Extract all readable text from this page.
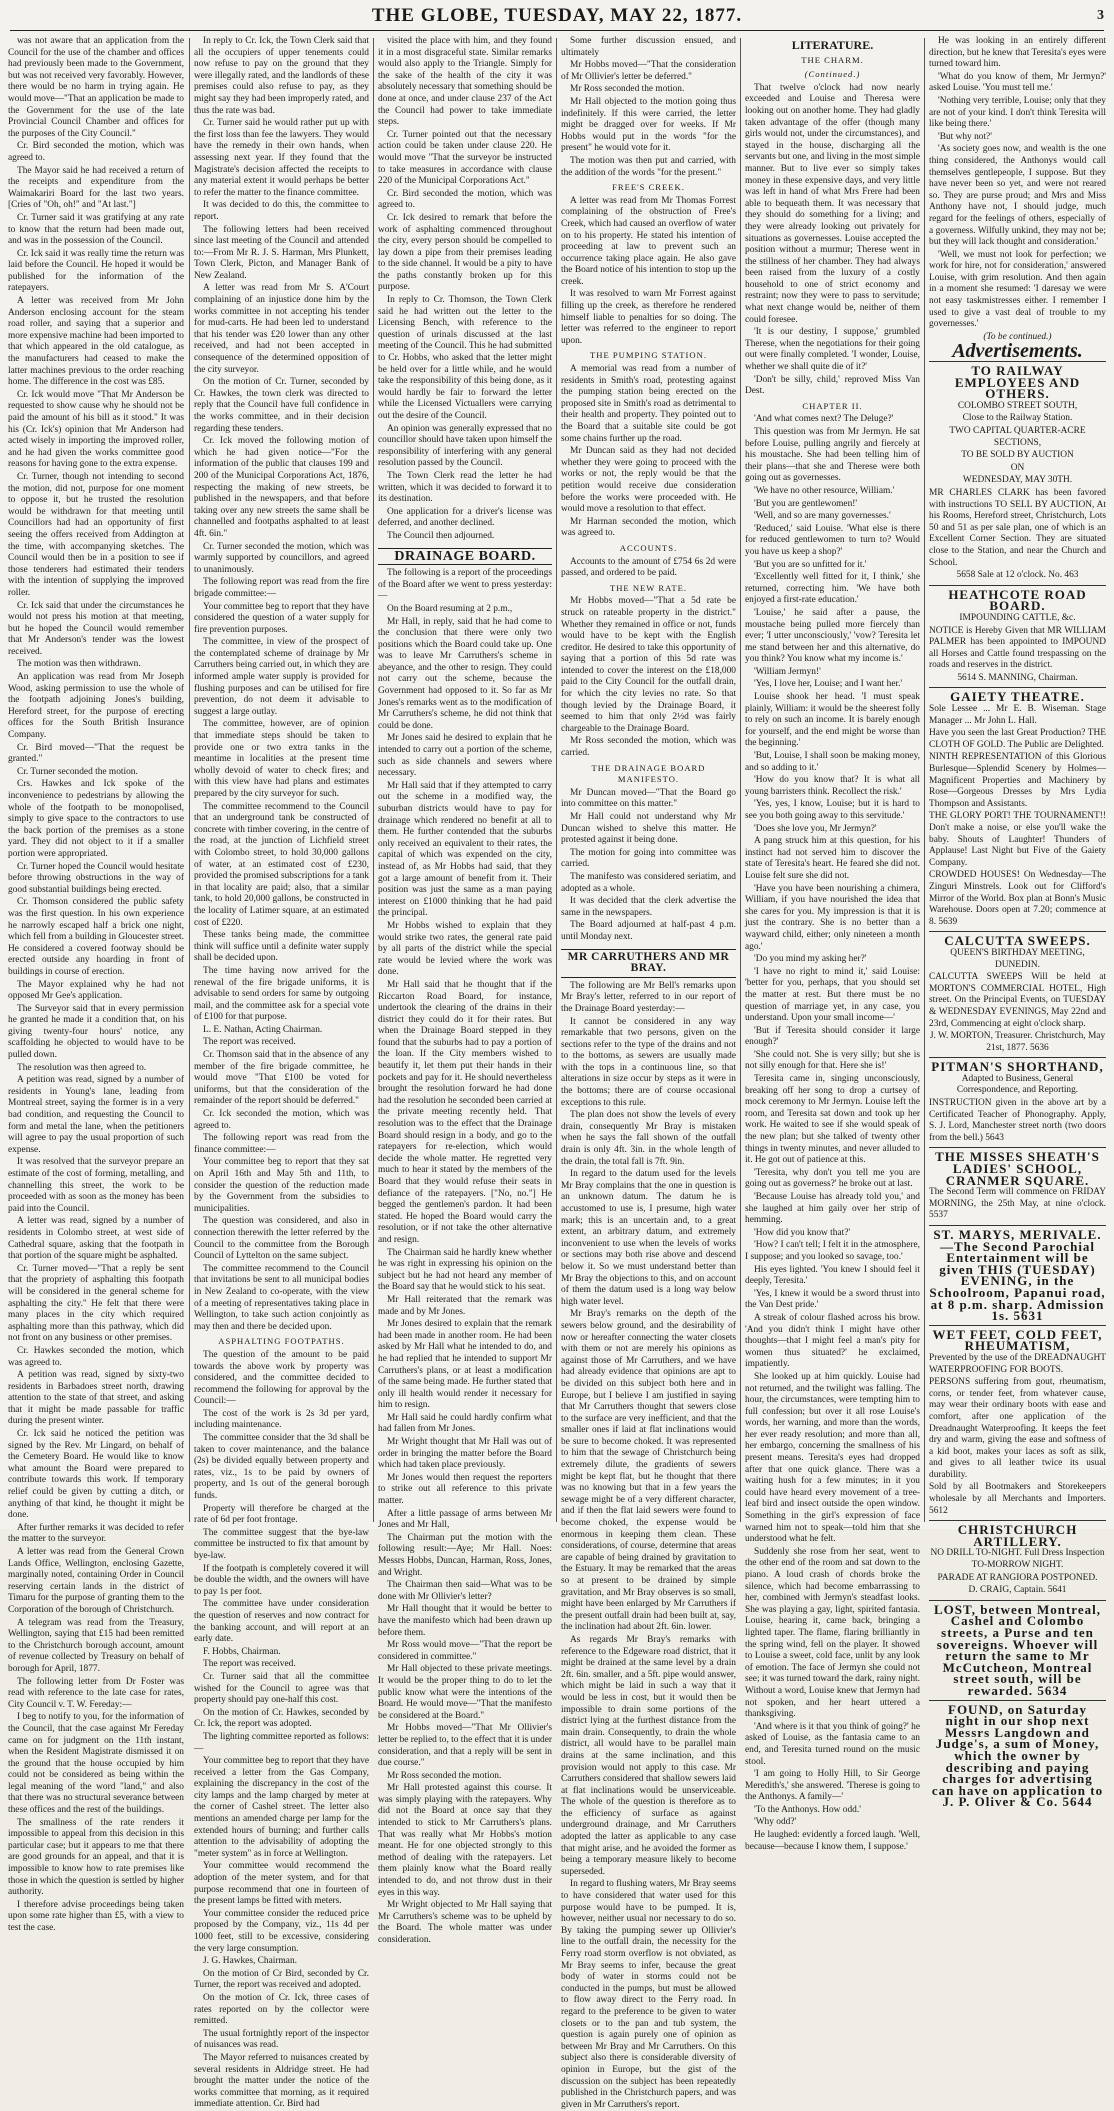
THE GLOBE, TUESDAY, MAY 22, 1877.	3

was not aware that an application from the Council for the use of the chamber and offices had previously been made to the Government, but was not received very favorably. However, there would be no harm in trying again. He would move—"That an application be made to the Government for the use of the late Provincial Council Chamber and offices for the purposes of the City Council."

Cr. Bird seconded the motion, which was agreed to.

The Mayor said he had received a return of the receipts and expenditure from the Waimakariri Board for the last two years. [Cries of "Oh, oh!" and "At last."]

Cr. Turner said it was gratifying at any rate to know that the return had been made out, and was in the possession of the Council.

Cr. Ick said it was really time the return was laid before the Council. He hoped it would be published for the information of the ratepayers.

A letter was received from Mr John Anderson enclosing account for the steam road roller, and saying that a superior and more expensive machine had been imported to that which appeared in the old catalogue, as the manufacturers had ceased to make the latter machines previous to the order reaching home. The difference in the cost was £85.

Cr. Ick would move "That Mr Anderson be requested to show cause why he should not be paid the amount of his bill as it stood." It was his (Cr. Ick's) opinion that Mr Anderson had acted wisely in importing the improved roller, and he had given the works committee good reasons for having gone to the extra expense.

Cr. Turner, though not intending to second the motion, did not, purpose for one moment to oppose it, but he trusted the resolution would be withdrawn for that meeting until Councillors had had an opportunity of first seeing the offers received from Addington at the time, with accompanying sketches. The Council would then be in a position to see if those tenderers had estimated their tenders with the intention of supplying the improved roller.

Cr. Ick said that under the circumstances he would not press his motion at that meeting, but he hoped the Council would remember that Mr Anderson's tender was the lowest received.

The motion was then withdrawn.

An application was read from Mr Joseph Wood, asking permission to use the whole of the footpath adjoining Jones's building, Hereford street, for the purpose of erecting offices for the South British Insurance Company.

Cr. Bird moved—"That the request be granted."

Cr. Turner seconded the motion.

Crs. Hawkes and Ick spoke of the inconvenience to pedestrians by allowing the whole of the footpath to be monopolised, simply to give space to the contractors to use the back portion of the premises as a stone yard. They did not object to it if a smaller portion were appropriated.

Cr. Turner hoped the Council would hesitate before throwing obstructions in the way of good substantial buildings being erected.

Cr. Thomson considered the public safety was the first question. In his own experience he narrowly escaped half a brick one night, which fell from a building in Gloucester street. He considered a covered footway should be erected outside any hoarding in front of buildings in course of erection.

The Mayor explained why he had not opposed Mr Gee's application.

The Surveyor said that in every permission he granted he made it a condition that, on his giving twenty-four hours' notice, any scaffolding he objected to would have to be pulled down.

The resolution was then agreed to.

A petition was read, signed by a number of residents in Young's lane, leading from Montreal street, saying the former is in a very bad condition, and requesting the Council to form and metal the lane, when the petitioners will agree to pay the usual proportion of such expense.

It was resolved that the surveyor prepare an estimate of the cost of forming, metalling, and channelling this street, the work to be proceeded with as soon as the money has been paid into the Council.

A letter was read, signed by a number of residents in Colombo street, at west side of Cathedral square, asking that the footpath in that portion of the square might be asphalted.

Cr. Turner moved—"That a reply be sent that the propriety of asphalting this footpath will be considered in the general scheme for asphalting the city." He felt that there were many places in the city which required asphalting more than this pathway, which did not front on any business or other premises.

Cr. Hawkes seconded the motion, which was agreed to.

A petition was read, signed by sixty-two residents in Barbadoes street north, drawing attention to the state of that street, and asking that it might be made passable for traffic during the present winter.

Cr. Ick said he noticed the petition was signed by the Rev. Mr Lingard, on behalf of the Cemetery Board. He would like to know what amount the Board were prepared to contribute towards this work. If temporary relief could be given by cutting a ditch, or anything of that kind, he thought it might be done.

After further remarks it was decided to refer the matter to the surveyor.

A letter was read from the General Crown Lands Office, Wellington, enclosing Gazette, marginally noted, containing Order in Council reserving certain lands in the district of Timaru for the purpose of granting them to the Corporation of the borough of Christchurch.

A telegram was read from the Treasury, Wellington, saying that £15 had been remitted to the Christchurch borough account, amount of revenue collected by Treasury on behalf of borough for April, 1877.

The following letter from Dr Foster was read with reference to the late case for rates, City Council v. T. W. Fereday:—

I beg to notify to you, for the information of the Council, that the case against Mr Fereday came on for judgment on the 11th instant, when the Resident Magistrate dismissed it on the ground that the house occupied by him could not be considered as being within the legal meaning of the word "land," and also that there was no structural severance between these offices and the rest of the buildings.

The smallness of the rate renders it impossible to appeal from this decision in this particular case; but it appears to me that there are good grounds for an appeal, and that it is impossible to know how to rate premises like those in which the question is settled by higher authority.

I therefore advise proceedings being taken upon some rate higher than £5, with a view to test the case.

In reply to Cr. Ick, the Town Clerk said that all the occupiers of upper tenements could now refuse to pay on the ground that they were illegally rated, and the landlords of these premises could also refuse to pay, as they might say they had been improperly rated, and thus the rate was bad.

Cr. Turner said he would rather put up with the first loss than fee the lawyers. They would have the remedy in their own hands, when assessing next year. If they found that the Magistrate's decision affected the receipts to any material extent it would perhaps be better to refer the matter to the finance committee.

It was decided to do this, the committee to report.

The following letters had been received since last meeting of the Council and attended to:—From Mr R. J. S. Harman, Mrs Plunkett, Town Clerk, Picton, and Manager Bank of New Zealand.

A letter was read from Mr S. A'Court complaining of an injustice done him by the works committee in not accepting his tender for mud-carts. He had been led to understand that his tender was £20 lower than any other received, and had not been accepted in consequence of the determined opposition of the city surveyor.

On the motion of Cr. Turner, seconded by Cr. Hawkes, the town clerk was directed to reply that the Council have full confidence in the works committee, and in their decision regarding these tenders.

Cr. Ick moved the following motion of which he had given notice—"For the information of the public that clauses 199 and 200 of the Municipal Corporations Act, 1876, respecting the making of new streets, be published in the newspapers, and that before taking over any new streets the same shall be channelled and footpaths asphalted to at least 4ft. 6in."

Cr. Turner seconded the motion, which was warmly supported by councillors, and agreed to unanimously.

The following report was read from the fire brigade committee:—

Your committee beg to report that they have considered the question of a water supply for fire prevention purposes.

The committee, in view of the prospect of the contemplated scheme of drainage by Mr Carruthers being carried out, in which they are informed ample water supply is provided for flushing purposes and can be utilised for fire prevention, do not deem it advisable to suggest a large outlay.

The committee, however, are of opinion that immediate steps should be taken to provide one or two extra tanks in the meantime in localities at the present time wholly devoid of water to check fires; and with this view have had plans and estimates prepared by the city surveyor for such.

The committee recommend to the Council that an underground tank be constructed of concrete with timber covering, in the centre of the road, at the junction of Lichfield street with Colombo street, to hold 30,000 gallons of water, at an estimated cost of £230, provided the promised subscriptions for a tank in that locality are paid; also, that a similar tank, to hold 20,000 gallons, be constructed in the locality of Latimer square, at an estimated cost of £220.

These tanks being made, the committee think will suffice until a definite water supply shall be decided upon.

The time having now arrived for the renewal of the fire brigade uniforms, it is advisable to send orders for same by outgoing mail, and the committee ask for a special vote of £100 for that purpose.

L. E. Nathan, Acting Chairman.

The report was received.

Cr. Thomson said that in the absence of any member of the fire brigade committee, he would move "That £100 be voted for uniforms, but that the consideration of the remainder of the report should be deferred."

Cr. Ick seconded the motion, which was agreed to.

The following report was read from the finance committee:—

Your committee beg to report that they sat on April 16th and May 5th and 11th, to consider the question of the reduction made by the Government from the subsidies to municipalities.

The question was considered, and also in connection therewith the letter referred by the Council to the committee from the Borough Council of Lyttelton on the same subject.

The committee recommend to the Council that invitations be sent to all municipal bodies in New Zealand to co-operate, with the view of a meeting of representatives taking place in Wellington, to take such action conjointly as may then and there be decided upon.

ASPHALTING FOOTPATHS.

The question of the amount to be paid towards the above work by property was considered, and the committee decided to recommend the following for approval by the Council:—

The cost of the work is 2s 3d per yard, including maintenance.

The committee consider that the 3d shall be taken to cover maintenance, and the balance (2s) be divided equally between property and rates, viz., 1s to be paid by owners of property, and 1s out of the general borough funds.

Property will therefore be charged at the rate of 6d per foot frontage.

The committee suggest that the bye-law committee be instructed to fix that amount by bye-law.

If the footpath is completely covered it will be double the width, and the owners will have to pay 1s per foot.

The committee have under consideration the question of reserves and now contract for the banking account, and will report at an early date.

F. Hobbs, Chairman.

The report was received.

Cr. Turner said that all the committee wished for the Council to agree was that property should pay one-half this cost.

On the motion of Cr. Hawkes, seconded by Cr. Ick, the report was adopted.

The lighting committee reported as follows:—

Your committee beg to report that they have received a letter from the Gas Company, explaining the discrepancy in the cost of the city lamps and the lamp charged by meter at the corner of Cashel street. The letter also mentions an amended charge per lamp for the extended hours of burning; and further calls attention to the advisability of adopting the "meter system" as in force at Wellington.

Your committee would recommend the adoption of the meter system, and for that purpose recommend that one in fourteen of the present lamps be fitted with meters.

Your committee consider the reduced price proposed by the Company, viz., 11s 4d per 1000 feet, still to be excessive, considering the very large consumption.

J. G. Hawkes, Chairman.

On the motion of Cr Bird, seconded by Cr. Turner, the report was received and adopted.

On the motion of Cr. Ick, three cases of rates reported on by the collector were remitted.

The usual fortnightly report of the inspector of nuisances was read.

The Mayor referred to nuisances created by several residents in Aldridge street. He had brought the matter under the notice of the works committee that morning, as it required immediate attention. Cr. Bird had

visited the place with him, and they found it in a most disgraceful state. Similar remarks would also apply to the Triangle. Simply for the sake of the health of the city it was absolutely necessary that something should be done at once, and under clause 237 of the Act the Council had power to take immediate steps.

Cr. Turner pointed out that the necessary action could be taken under clause 220. He would move "That the surveyor be instructed to take measures in accordance with clause 220 of the Municipal Corporations Act."

Cr. Bird seconded the motion, which was agreed to.

Cr. Ick desired to remark that before the work of asphalting commenced throughout the city, every person should be compelled to lay down a pipe from their premises leading to the side channel. It would be a pity to have the paths constantly broken up for this purpose.

In reply to Cr. Thomson, the Town Clerk said he had written out the letter to the Licensing Bench, with reference to the question of urinals discussed at the last meeting of the Council. This he had submitted to Cr. Hobbs, who asked that the letter might be held over for a little while, and he would take the responsibility of this being done, as it would hardly be fair to forward the letter while the Licensed Victuallers were carrying out the desire of the Council.

An opinion was generally expressed that no councillor should have taken upon himself the responsibility of interfering with any general resolution passed by the Council.

The Town Clerk read the letter he had written, which it was decided to forward it to its destination.

One application for a driver's license was deferred, and another declined.

The Council then adjourned.

DRAINAGE BOARD.

The following is a report of the proceedings of the Board after we went to press yesterday:—

On the Board resuming at 2 p.m.,

Mr Hall, in reply, said that he had come to the conclusion that there were only two positions which the Board could take up. One was to leave Mr Carruthers's scheme in abeyance, and the other to resign. They could not carry out the scheme, because the Government had opposed to it. So far as Mr Jones's remarks went as to the modification of Mr Carruthers's scheme, he did not think that could be done.

Mr Jones said he desired to explain that he intended to carry out a portion of the scheme, such as side channels and sewers where necessary.

Mr Hall said that if they attempted to carry out the scheme in a modified way, the suburban districts would have to pay for drainage which rendered no benefit at all to them. He further contended that the suburbs only received an equivalent to their rates, the capital of which was expended on the city, instead of, as Mr Hobbs had said, that they got a large amount of benefit from it. Their position was just the same as a man paying interest on £1000 thinking that he had paid the principal.

Mr Hobbs wished to explain that they would strike two rates, the general rate paid by all parts of the district while the special rate would be levied where the work was done.

Mr Hall said that he thought that if the Riccarton Road Board, for instance, undertook the clearing of the drains in their district they could do it for their rates. But when the Drainage Board stepped in they found that the suburbs had to pay a portion of the loan. If the City members wished to beautify it, let them put their hands in their pockets and pay for it. He should nevertheless brought the resolution forward he had done had the resolution he seconded been carried at the private meeting recently held. That resolution was to the effect that the Drainage Board should resign in a body, and go to the ratepayers for re-election, which would decide the whole matter. He regretted very much to hear it stated by the members of the Board that they would refuse their seats in defiance of the ratepayers. ["No, no."] He begged the gentlemen's pardon. It had been stated. He hoped the Board would carry the resolution, or if not take the other alternative and resign.

The Chairman said he hardly knew whether he was right in expressing his opinion on the subject but he had not heard any member of the Board say that he would stick to his seat.

Mr Hall reiterated that the remark was made and by Mr Jones.

Mr Jones desired to explain that the remark had been made in another room. He had been asked by Mr Hall what he intended to do, and he had replied that he intended to support Mr Carruthers's plans, or at least a modification of the same being made. He further stated that only ill health would render it necessary for him to resign.

Mr Hall said he could hardly confirm what had fallen from Mr Jones.

Mr Wright thought that Mr Hall was out of order in bringing the matter before the Board which had taken place previously.

Mr Jones would then request the reporters to strike out all reference to this private matter.

After a little passage of arms between Mr Jones and Mr Hall,

The Chairman put the motion with the following result:—Aye; Mr Hall. Noes: Messrs Hobbs, Duncan, Harman, Ross, Jones, and Wright.

The Chairman then said—What was to be done with Mr Ollivier's letter?

Mr Hall thought that it would be better to have the manifesto which had been drawn up before them.

Mr Ross would move—"That the report be considered in committee."

Mr Hall objected to these private meetings. It would be the proper thing to do to let the public know what were the intentions of the Board. He would move—"That the manifesto be considered at the Board."

Mr Hobbs moved—"That Mr Ollivier's letter be replied to, to the effect that it is under consideration, and that a reply will be sent in due course."

Mr Ross seconded the motion.

Mr Hall protested against this course. It was simply playing with the ratepayers. Why did not the Board at once say that they intended to stick to Mr Carruthers's plans. That was really what Mr Hobbs's motion meant. He for one objected strongly to this method of dealing with the ratepayers. Let them plainly know what the Board really intended to do, and not throw dust in their eyes in this way.

Mr Wright objected to Mr Hall saying that Mr Carruthers's scheme was to be upheld by the Board. The whole matter was under consideration.

Some further discussion ensued, and ultimately

Mr Hobbs moved—"That the consideration of Mr Ollivier's letter be deferred."

Mr Ross seconded the motion.

Mr Hall objected to the motion going thus indefinitely. If this were carried, the letter might be dragged over for weeks. If Mr Hobbs would put in the words "for the present" he would vote for it.

The motion was then put and carried, with the addition of the words "for the present."

FREE'S CREEK.

A letter was read from Mr Thomas Forrest complaining of the obstruction of Free's Creek, which had caused an overflow of water on to his property. He stated his intention of proceeding at law to prevent such an occurrence taking place again. He also gave the Board notice of his intention to stop up the creek.

It was resolved to warn Mr Forrest against filling up the creek, as therefore he rendered himself liable to penalties for so doing. The letter was referred to the engineer to report upon.

THE PUMPING STATION.

A memorial was read from a number of residents in Smith's road, protesting against the pumping station being erected on the proposed site in Smith's road as detrimental to their health and property. They pointed out to the Board that a suitable site could be got some chains further up the road.

Mr Duncan said as they had not decided whether they were going to proceed with the works or not, the reply would be that the petition would receive due consideration before the works were proceeded with. He would move a resolution to that effect.

Mr Harman seconded the motion, which was agreed to.

ACCOUNTS.

Accounts to the amount of £754 6s 2d were passed, and ordered to be paid.

THE NEW RATE.

Mr Hobbs moved—"That a 5d rate be struck on rateable property in the district." Whether they remained in office or not, funds would have to be kept with the English creditor. He desired to take this opportunity of saying that a portion of this 5d rate was intended to cover the interest on the £18,000 paid to the City Council for the outfall drain, for which the city levies no rate. So that though levied by the Drainage Board, it seemed to him that only 2½d was fairly chargeable to the Drainage Board.

Mr Ross seconded the motion, which was carried.

THE DRAINAGE BOARD MANIFESTO.

Mr Duncan moved—"That the Board go into committee on this matter."

Mr Hall could not understand why Mr Duncan wished to shelve this matter. He protested against it being done.

The motion for going into committee was carried.

The manifesto was considered seriatim, and adopted as a whole.

It was decided that the clerk advertise the same in the newspapers.

The Board adjourned at half-past 4 p.m. until Monday next.

MR CARRUTHERS AND MR BRAY.

The following are Mr Bell's remarks upon Mr Bray's letter, referred to in our report of the Drainage Board yesterday:—

It cannot be considered in any way remarkable that two persons, given on the sections refer to the type of the drains and not to the bottoms, as sewers are usually made with the tops in a continuous line, so that alterations in size occur by steps as it were in the bottoms; there are of course occasional exceptions to this rule.

The plan does not show the levels of every drain, consequently Mr Bray is mistaken when he says the fall shown of the outfall drain is only 4ft. 3in. in the whole length of the drain, the total fall is 7ft. 9in.

In regard to the datum used for the levels Mr Bray complains that the one in question is an unknown datum. The datum he is accustomed to use is, I presume, high water mark; this is an uncertain and, to a great extent, an arbitrary datum, and extremely inconvenient to use when the levels of works or sections may both rise above and descend below it. So we must understand better than Mr Bray the objections to this, and on account of them the datum used is a long way below high water level.

Mr Bray's remarks on the depth of the sewers below ground, and the desirability of now or hereafter connecting the water closets with them or not are merely his opinions as against those of Mr Carruthers, and we have had already evidence that opinions are apt to be divided on this subject both here and in Europe, but I believe I am justified in saying that Mr Carruthers thought that sewers close to the surface are very inefficient, and that the smaller ones if laid at flat inclinations would be sure to become choked. It was represented to him that the sewage of Christchurch being extremely dilute, the gradients of sewers might be kept flat, but he thought that there was no knowing but that in a few years the sewage might be of a very different character, and if then the flat laid sewers were found to become choked, the expense would be enormous in keeping them clean. These considerations, of course, determine that areas are capable of being drained by gravitation to the Estuary. It may be remarked that the areas so at present to be drained by simple gravitation, and Mr Bray observes is so small, might have been enlarged by Mr Carruthers if the present outfall drain had been built at, say, the inclination had about 2ft. 6in. lower.

As regards Mr Bray's remarks with reference to the Edgeware road district, that it might be drained at the same level by a drain 2ft. 6in. smaller, and a 5ft. pipe would answer, which might be laid in such a way that it would be less in cost, but it would then be impossible to drain some portions of the district lying at the furthest distance from the main drain. Consequently, to drain the whole district, all would have to be parallel main drains at the same inclination, and this provision would not apply to this case. Mr Carruthers considered that shallow sewers laid at flat inclinations would be unserviceable. The whole of the question is therefore as to the efficiency of surface as against underground drainage, and Mr Carruthers adopted the latter as applicable to any case that might arise, and he avoided the former as being a temporary measure likely to become superseded.

In regard to flushing waters, Mr Bray seems to have considered that water used for this purpose would have to be pumped. It is, however, neither usual nor necessary to do so. By taking the pumping sewer up Ollivier's line to the outfall drain, the necessity for the Ferry road storm overflow is not obviated, as Mr Bray seems to infer, because the great body of water in storms could not be conducted in the pumps, but must be allowed to flow away direct to the Ferry road. In regard to the preference to be given to water closets or to the pan and tub system, the question is again purely one of opinion as between Mr Bray and Mr Carruthers. On this subject also there is considerable diversity of opinion in Europe, but the gist of the discussion on the subject has been repeatedly published in the Christchurch papers, and was given in Mr Carruthers's report.

LITERATURE.
THE CHARM.
(Continued.)

That twelve o'clock had now nearly exceeded and Louise and Theresa were looking out on another home. They had gladly taken advantage of the offer (though many girls would not, under the circumstances), and stayed in the house, discharging all the servants but one, and living in the most simple manner. But to live ever so simply takes money in these expensive days, and very little was left in hand of what Mrs Frere had been able to bequeath them. It was necessary that they should do something for a living; and they were already looking out privately for situations as governesses. Louise accepted the position without a murmur; Therese went in the stillness of her chamber. They had always been raised from the luxury of a costly household to one of strict economy and restraint; now they were to pass to servitude; what next change would be, neither of them could foresee.

'It is our destiny, I suppose,' grumbled Therese, when the negotiations for their going out were finally completed. 'I wonder, Louise, whether we shall quite die of it?'

'Don't be silly, child,' reproved Miss Van Dest.

CHAPTER II.

'And what comes next? The Deluge?'

This question was from Mr Jermyn. He sat before Louise, pulling angrily and fiercely at his moustache. She had been telling him of their plans—that she and Therese were both going out as governesses.

'We have no other resource, William.'

'But you are gentlewomen!'

'Well, and so are many governesses.'

'Reduced,' said Louise. 'What else is there for reduced gentlewomen to turn to? Would you have us keep a shop?'

'But you are so unfitted for it.'

'Excellently well fitted for it, I think,' she returned, correcting him. 'We have both enjoyed a first-rate education.'

'Louise,' he said after a pause, the moustache being pulled more fiercely than ever; 'I utter unconsciously,' 'vow? Teresita let me stand between her and this alternative, do you think? You know what my income is.'

'William Jermyn!'

'Yes, I love her, Louise; and I want her.'

Louise shook her head. 'I must speak plainly, William: it would be the sheerest folly to rely on such an income. It is barely enough for yourself, and the end might be worse than the beginning.'

'But, Louise, I shall soon be making money, and so adding to it.'

'How do you know that? It is what all young barristers think. Recollect the risk.'

'Yes, yes, I know, Louise; but it is hard to see you both going away to this servitude.'

'Does she love you, Mr Jermyn?'

A pang struck him at this question, for his instinct had not served him to discover the state of Teresita's heart. He feared she did not. Louise felt sure she did not.

'Have you have been nourishing a chimera, William, if you have nourished the idea that she cares for you. My impression is that it is just the contrary. She is no better than a wayward child, either; only nineteen a month ago.'

'Do you mind my asking her?'

'I have no right to mind it,' said Louise: 'better for you, perhaps, that you should set the matter at rest. But there must be no question of marriage yet, in any case, you understand. Upon your small income—'

'But if Teresita should consider it large enough?'

'She could not. She is very silly; but she is not silly enough for that. Here she is!'

Teresita came in, singing unconsciously, breaking off her song to drop a curtsey of mock ceremony to Mr Jermyn. Louise left the room, and Teresita sat down and took up her work. He waited to see if she would speak of the new plan; but she talked of twenty other things in twenty minutes, and never alluded to it. He got out of patience at this.

'Teresita, why don't you tell me you are going out as governess?' he broke out at last.

'Because Louise has already told you,' and she laughed at him gaily over her strip of hemming.

'How did you know that?'

'How? I can't tell; I felt it in the atmosphere, I suppose; and you looked so savage, too.'

His eyes lighted. 'You knew I should feel it deeply, Teresita.'

'Yes, I knew it would be a sword thrust into the Van Dest pride.'

A streak of colour flashed across his brow. 'And you didn't think I might have other thoughts—that I might feel a man's pity for women thus situated?' he exclaimed, impatiently.

She looked up at him quickly. Louise had not returned, and the twilight was falling. The hour, the circumstances, were tempting him to full confession; but over it all rose Louise's words, her warning, and more than the words, her ever ready resolution; and more than all, her embargo, concerning the smallness of his present means. Teresita's eyes had dropped after that one quick glance. There was a waiting hush for a few minutes; in it you could have heard every movement of a tree-leaf bird and insect outside the open window. Something in the girl's expression of face warned him not to speak—told him that she understood what he felt.

Suddenly she rose from her seat, went to the other end of the room and sat down to the piano. A loud crash of chords broke the silence, which had become embarrassing to her, combined with Jermyn's steadfast looks. She was playing a gay, light, spirited fantasia. Louise, hearing it, came back, bringing a lighted taper. The flame, flaring brilliantly in the spring wind, fell on the player. It showed to Louise a sweet, cold face, unlit by any look of emotion. The face of Jermyn she could not see; it was turned toward the dark, rainy night. Without a word, Louise knew that Jermyn had not spoken, and her heart uttered a thanksgiving.

'And where is it that you think of going?' he asked of Louise, as the fantasia came to an end, and Teresita turned round on the music stool.

'I am going to Holly Hill, to Sir George Meredith's,' she answered. 'Therese is going to the Anthonys. A family—'

'To the Anthonys. How odd.'

'Why odd?'

He laughed: evidently a forced laugh. 'Well, because—because I know them, I suppose.'

He was looking in an entirely different direction, but he knew that Teresita's eyes were turned toward him.

'What do you know of them, Mr Jermyn?' asked Louise. 'You must tell me.'

'Nothing very terrible, Louise; only that they are not of your kind. I don't think Teresita will like being there.'

'But why not?'

'As society goes now, and wealth is the one thing considered, the Anthonys would call themselves gentlepeople, I suppose. But they have never been so yet, and were not reared so. They are purse proud; and Mrs and Miss Anthony have not, I should judge, much regard for the feelings of others, especially of a governess. Wilfully unkind, they may not be; but they will lack thought and consideration.'

'Well, we must not look for perfection; we work for hire, not for consideration,' answered Louise, with grim resolution. And then again in a moment she resumed: 'I daresay we were not easy taskmistresses either. I remember I used to give a vast deal of trouble to my governesses.'

(To be continued.)

Advertisements.

TO RAILWAY EMPLOYEES AND OTHERS.

COLOMBO STREET SOUTH,

Close to the Railway Station.

TWO CAPITAL QUARTER-ACRE SECTIONS,

TO BE SOLD BY AUCTION

ON

WEDNESDAY, MAY 30TH.

MR CHARLES CLARK has been favored with instructions TO SELL BY AUCTION, At his Rooms, Hereford street, Christchurch, Lots 50 and 51 as per sale plan, one of which is an Excellent Corner Section. They are situated close to the Station, and near the Church and School.

5658 Sale at 12 o'clock. No. 463

HEATHCOTE ROAD BOARD.

IMPOUNDING CATTLE, &c.

NOTICE is Hereby Given that MR WILLIAM PALMER has been appointed to IMPOUND all Horses and Cattle found trespassing on the roads and reserves in the district.

5614 S. MANNING, Chairman.

GAIETY THEATRE.

Sole Lessee ... Mr E. B. Wiseman. Stage Manager ... Mr John L. Hall.

Have you seen the last Great Production? THE CLOTH OF GOLD. The Public are Delighted.

NINTH REPRESENTATION of this Glorious Burlesque—Splendid Scenery by Holmes—Magnificent Properties and Machinery by Rose—Gorgeous Dresses by Mrs Lydia Thompson and Assistants.

THE GLORY PORT! THE TOURNAMENT!! Don't make a noise, or else you'll wake the baby. Shouts of Laughter! Thunders of Applause! Last Night but Five of the Gaiety Company.

CROWDED HOUSES! On Wednesday—The Zinguri Minstrels. Look out for Clifford's Mirror of the World. Box plan at Bonn's Music Warehouse. Doors open at 7.20; commence at 8. 5639

CALCUTTA SWEEPS.

QUEEN'S BIRTHDAY MEETING, DUNEDIN.

CALCUTTA SWEEPS Will be held at MORTON'S COMMERCIAL HOTEL, High street. On the Principal Events, on TUESDAY & WEDNESDAY EVENINGS, May 22nd and 23rd, Commencing at eight o'clock sharp.

J. W. MORTON, Treasurer. Christchurch, May 21st, 1877. 5636

PITMAN'S SHORTHAND,

Adapted to Business, General Correspondence, and Reporting.

INSTRUCTION given in the above art by a Certificated Teacher of Phonography. Apply, S. J. Lord, Manchester street north (two doors from the bell.) 5643

THE MISSES SHEATH'S LADIES' SCHOOL, CRANMER SQUARE.

The Second Term will commence on FRIDAY MORNING, the 25th May, at nine o'clock. 5537

ST. MARYS, MERIVALE.—The Second Parochial Entertainment will be given THIS (TUESDAY) EVENING, in the Schoolroom, Papanui road, at 8 p.m. sharp. Admission 1s. 5631

WET FEET, COLD FEET, RHEUMATISM,

Prevented by the use of the DREADNAUGHT WATERPROOFING FOR BOOTS.

PERSONS suffering from gout, rheumatism, corns, or tender feet, from whatever cause, may wear their ordinary boots with ease and comfort, after one application of the Dreadnaught Waterproofing. It keeps the feet dry and warm, giving the ease and softness of a kid boot, makes your laces as soft as silk, and gives to all leather twice its usual durability.

Sold by all Bootmakers and Storekeepers wholesale by all Merchants and Importers. 5612

CHRISTCHURCH ARTILLERY.

NO DRILL TO-NIGHT. Full Dress Inspection TO-MORROW NIGHT.

PARADE AT RANGIORA POSTPONED.

D. CRAIG, Captain. 5641

LOST, between Montreal, Cashel and Colombo streets, a Purse and ten sovereigns. Whoever will return the same to Mr McCutcheon, Montreal street south, will be rewarded. 5634

FOUND, on Saturday night in our shop next Messrs Langdown and Judge's, a sum of Money, which the owner by describing and paying charges for advertising can have on application to J. P. Oliver & Co. 5644
